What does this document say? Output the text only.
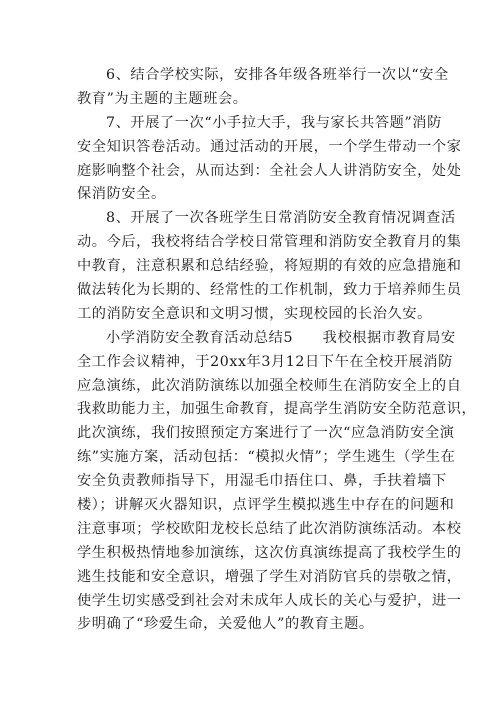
6、结合学校实际，安排各年级各班举行一次以“安全
教育”为主题的主题班会。
7、开展了一次“小手拉大手，我与家长共答题”消防
安全知识答卷活动。通过活动的开展，一个学生带动一个家
庭影响整个社会，从而达到：全社会人人讲消防安全，处处
保消防安全。
8、开展了一次各班学生日常消防安全教育情况调查活
动。今后，我校将结合学校日常管理和消防安全教育月的集
中教育，注意积累和总结经验，将短期的有效的应急措施和
做法转化为长期的、经常性的工作机制，致力于培养师生员
工的消防安全意识和文明习惯，实现校园的长治久安。
小学消防安全教育活动总结5　　我校根据市教育局安
全工作会议精神，于20xx年3月12日下午在全校开展消防
应急演练，此次消防演练以加强全校师生在消防安全上的自
我救助能力主，加强生命教育，提高学生消防安全防范意识，
此次演练，我们按照预定方案进行了一次“应急消防安全演
练”实施方案，活动包括：“模拟火情”；学生逃生（学生在
安全负责教师指导下，用湿毛巾捂住口、鼻，手扶着墙下
楼）；讲解灭火器知识，点评学生模拟逃生中存在的问题和
注意事项；学校欧阳龙校长总结了此次消防演练活动。本校
学生积极热情地参加演练，这次仿真演练提高了我校学生的
逃生技能和安全意识，增强了学生对消防官兵的崇敬之情，
使学生切实感受到社会对未成年人成长的关心与爱护，进一
步明确了“珍爱生命，关爱他人”的教育主题。
